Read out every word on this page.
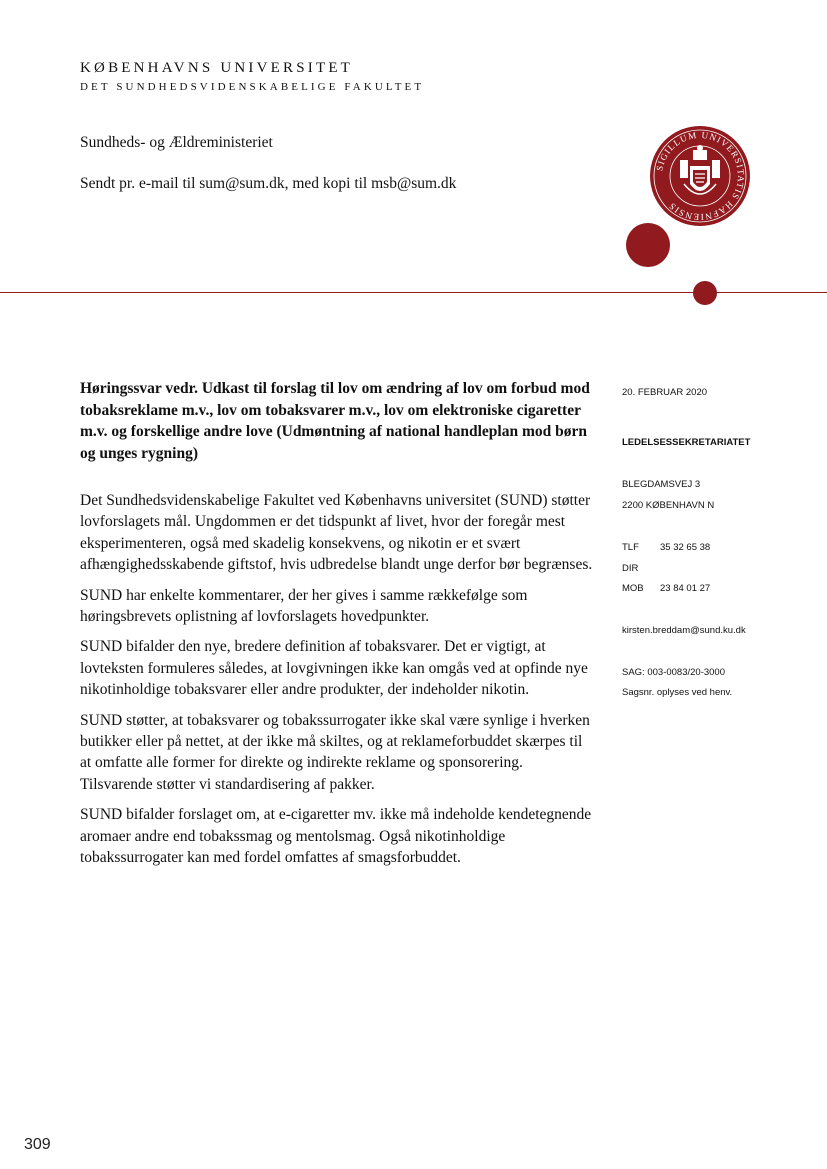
KØBENHAVNS UNIVERSITET
DET SUNDHEDSVIDENSKABELIGE FAKULTET
Sundheds- og Ældreministeriet
Sendt pr. e-mail til sum@sum.dk, med kopi til msb@sum.dk
SIGILLUM UNIVERSITATIS HAFNIENSIS
Høringssvar vedr. Udkast til forslag til lov om ændring af lov om forbud mod tobaksreklame m.v., lov om tobaksvarer m.v., lov om elektroniske cigaretter m.v. og forskellige andre love (Udmøntning af national handleplan mod børn og unges rygning)

Det Sundhedsvidenskabelige Fakultet ved Københavns universitet (SUND) støtter lovforslagets mål. Ungdommen er det tidspunkt af livet, hvor der foregår mest eksperimenteren, også med skadelig konsekvens, og nikotin er et svært afhængighedsskabende giftstof, hvis udbredelse blandt unge derfor bør begrænses.

SUND har enkelte kommentarer, der her gives i samme rækkefølge som høringsbrevets oplistning af lovforslagets hovedpunkter.

SUND bifalder den nye, bredere definition af tobaksvarer. Det er vigtigt, at lovteksten formuleres således, at lovgivningen ikke kan omgås ved at opfinde nye nikotinholdige tobaksvarer eller andre produkter, der indeholder nikotin.

SUND støtter, at tobaksvarer og tobakssurrogater ikke skal være synlige i hverken butikker eller på nettet, at der ikke må skiltes, og at reklameforbuddet skærpes til at omfatte alle former for direkte og indirekte reklame og sponsorering. Tilsvarende støtter vi standardisering af pakker.

SUND bifalder forslaget om, at e-cigaretter mv. ikke må indeholde kendetegnende aromaer andre end tobakssmag og mentolsmag. Også nikotinholdige tobakssurrogater kan med fordel omfattes af smagsforbuddet.

20. FEBRUAR 2020
LEDELSESSEKRETARIATET
BLEGDAMSVEJ 3
2200 KØBENHAVN N
TLF 35 32 65 38
DIR
MOB 23 84 01 27
kirsten.breddam@sund.ku.dk
SAG: 003-0083/20-3000
Sagsnr. oplyses ved henv.
309
